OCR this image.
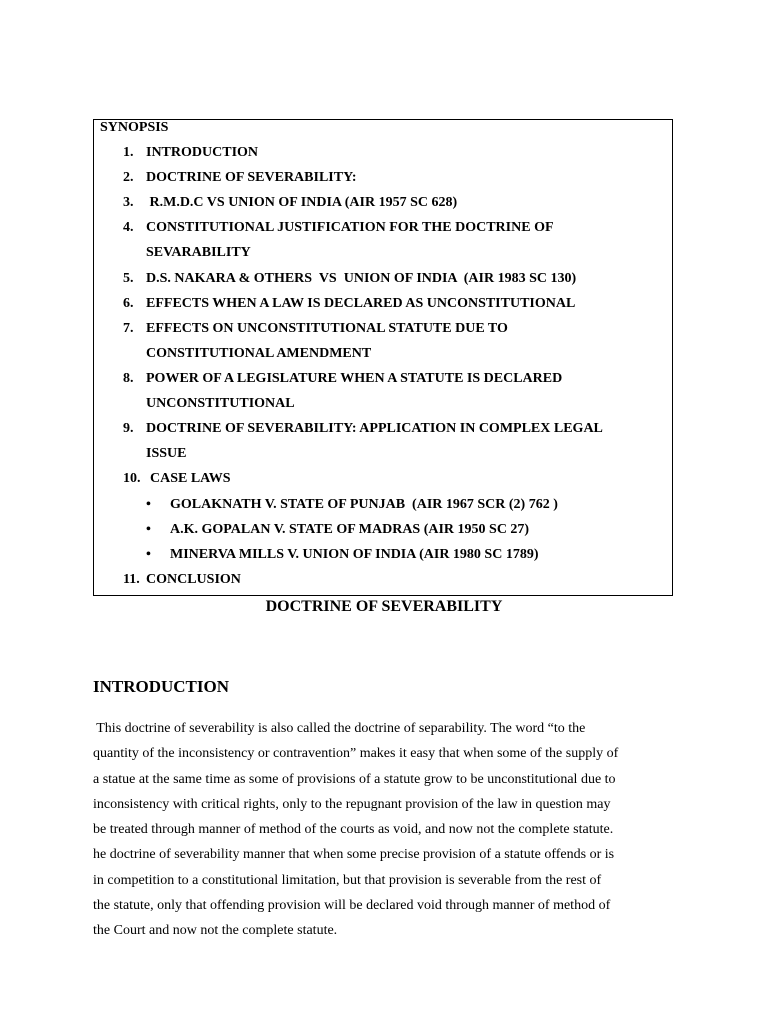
SYNOPSIS
1. INTRODUCTION
2. DOCTRINE OF SEVERABILITY:
3. R.M.D.C VS UNION OF INDIA (AIR 1957 SC 628)
4. CONSTITUTIONAL JUSTIFICATION FOR THE DOCTRINE OF
SEVARABILITY
5. D.S. NAKARA & OTHERS  VS  UNION OF INDIA  (AIR 1983 SC 130)
6. EFFECTS WHEN A LAW IS DECLARED AS UNCONSTITUTIONAL
7. EFFECTS ON UNCONSTITUTIONAL STATUTE DUE TO
CONSTITUTIONAL AMENDMENT
8. POWER OF A LEGISLATURE WHEN A STATUTE IS DECLARED
UNCONSTITUTIONAL
9. DOCTRINE OF SEVERABILITY: APPLICATION IN COMPLEX LEGAL
ISSUE
10. CASE LAWS
• GOLAKNATH V. STATE OF PUNJAB  (AIR 1967 SCR (2) 762 )
• A.K. GOPALAN V. STATE OF MADRAS (AIR 1950 SC 27)
• MINERVA MILLS V. UNION OF INDIA (AIR 1980 SC 1789)
11. CONCLUSION
DOCTRINE OF SEVERABILITY
INTRODUCTION
This doctrine of severability is also called the doctrine of separability. The word “to the
quantity of the inconsistency or contravention” makes it easy that when some of the supply of
a statue at the same time as some of provisions of a statute grow to be unconstitutional due to
inconsistency with critical rights, only to the repugnant provision of the law in question may
be treated through manner of method of the courts as void, and now not the complete statute.
he doctrine of severability manner that when some precise provision of a statute offends or is
in competition to a constitutional limitation, but that provision is severable from the rest of
the statute, only that offending provision will be declared void through manner of method of
the Court and now not the complete statute.
